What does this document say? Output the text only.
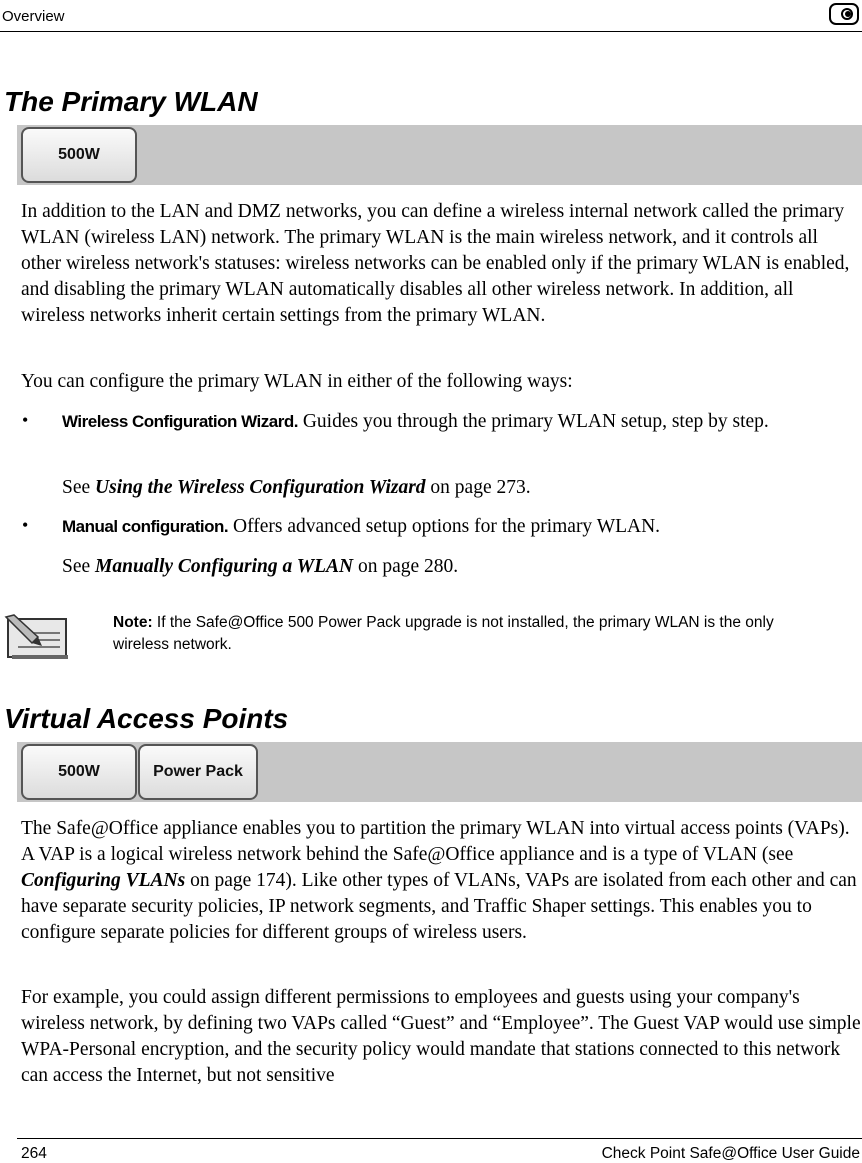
Overview
The Primary WLAN
500W

In addition to the LAN and DMZ networks, you can define a wireless internal network called the primary WLAN (wireless LAN) network. The primary WLAN is the main wireless network, and it controls all other wireless network's statuses: wireless networks can be enabled only if the primary WLAN is enabled, and disabling the primary WLAN automatically disables all other wireless network. In addition, all wireless networks inherit certain settings from the primary WLAN.

You can configure the primary WLAN in either of the following ways:

• Wireless Configuration Wizard. Guides you through the primary WLAN setup, step by step.

See Using the Wireless Configuration Wizard on page 273.

• Manual configuration. Offers advanced setup options for the primary WLAN.

See Manually Configuring a WLAN on page 280.

Note: If the Safe@Office 500 Power Pack upgrade is not installed, the primary WLAN is the only wireless network.

Virtual Access Points
500W	Power Pack

The Safe@Office appliance enables you to partition the primary WLAN into virtual access points (VAPs). A VAP is a logical wireless network behind the Safe@Office appliance and is a type of VLAN (see Configuring VLANs on page 174). Like other types of VLANs, VAPs are isolated from each other and can have separate security policies, IP network segments, and Traffic Shaper settings. This enables you to configure separate policies for different groups of wireless users.

For example, you could assign different permissions to employees and guests using your company's wireless network, by defining two VAPs called “Guest” and “Employee”. The Guest VAP would use simple WPA-Personal encryption, and the security policy would mandate that stations connected to this network can access the Internet, but not sensitive

264	Check Point Safe@Office User Guide
